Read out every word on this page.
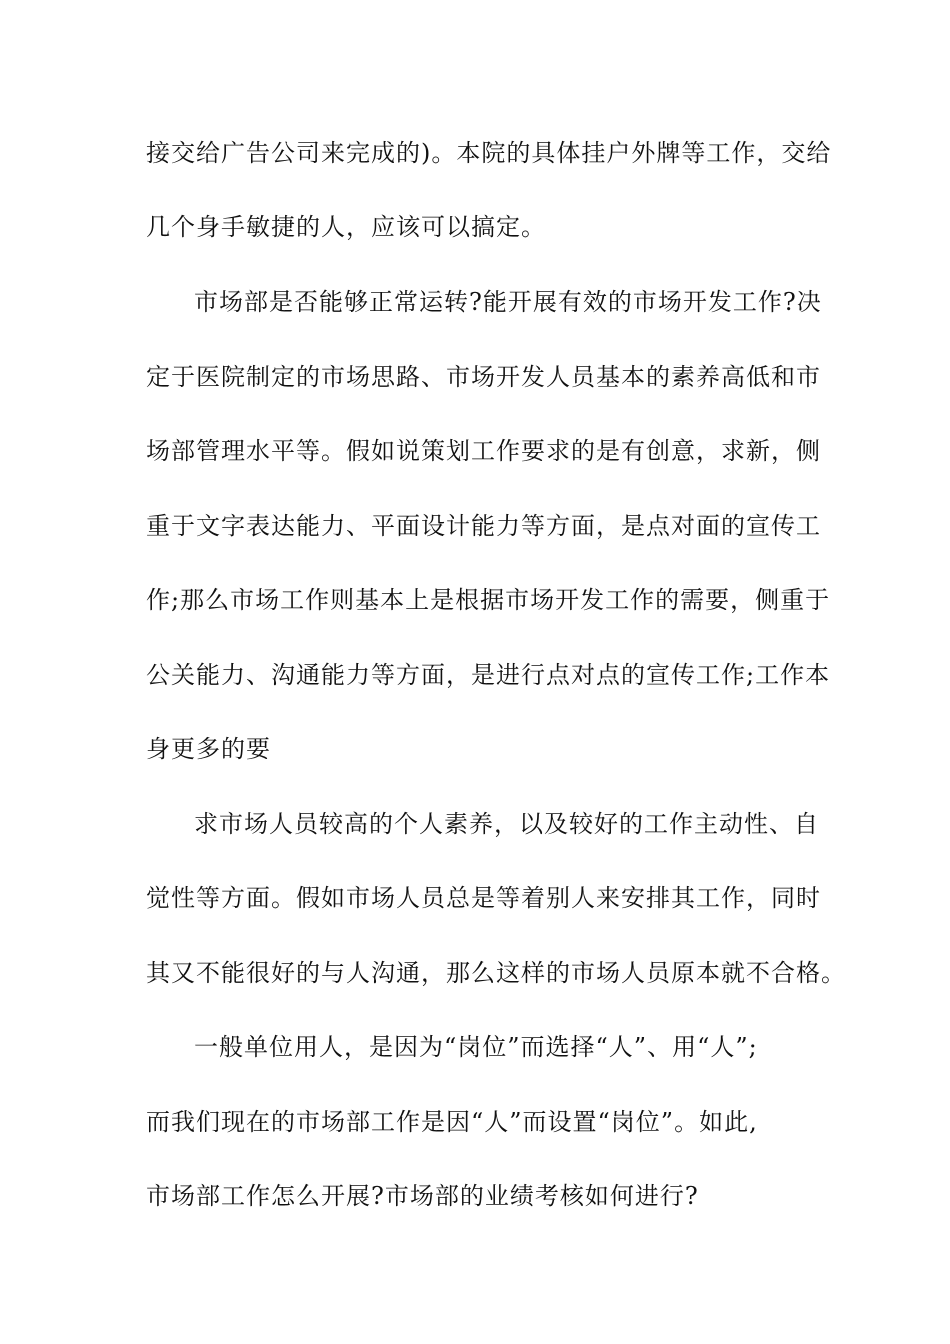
接交给广告公司来完成的)。本院的具体挂户外牌等工作，交给
几个身手敏捷的人，应该可以搞定。
市场部是否能够正常运转?能开展有效的市场开发工作?决
定于医院制定的市场思路、市场开发人员基本的素养高低和市
场部管理水平等。假如说策划工作要求的是有创意，求新，侧
重于文字表达能力、平面设计能力等方面，是点对面的宣传工
作;那么市场工作则基本上是根据市场开发工作的需要，侧重于
公关能力、沟通能力等方面，是进行点对点的宣传工作;工作本
身更多的要
求市场人员较高的个人素养，以及较好的工作主动性、自
觉性等方面。假如市场人员总是等着别人来安排其工作，同时
其又不能很好的与人沟通，那么这样的市场人员原本就不合格。
一般单位用人，是因为“岗位”而选择“人”、用“人”;
而我们现在的市场部工作是因“人”而设置“岗位”。如此,
市场部工作怎么开展?市场部的业绩考核如何进行?
